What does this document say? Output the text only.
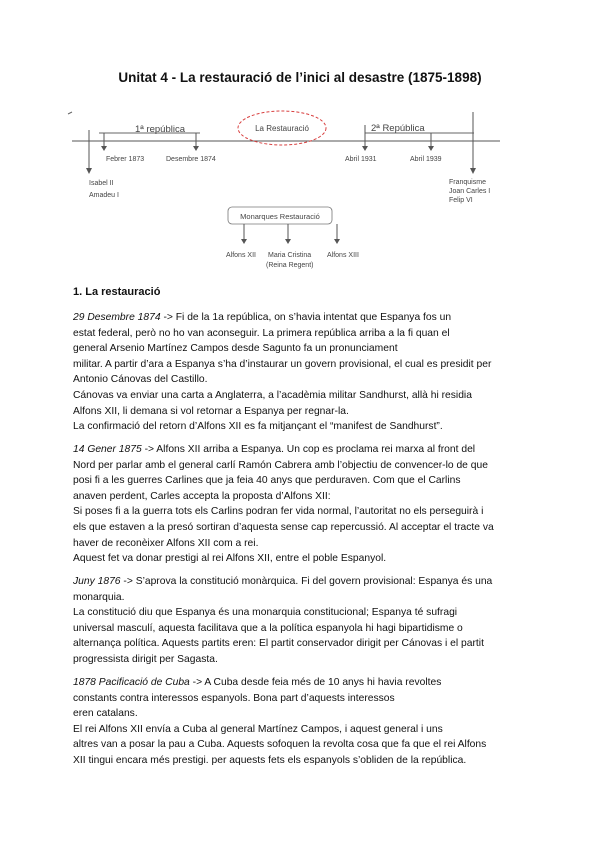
Unitat 4 - La restauració de l’inici al desastre (1875-1898)
1ª república	La Restauració	2ª República
Febrer 1873	Desembre 1874	Abril 1931	Abril 1939
Isabel II
Amadeu I
Franquisme
Joan Carles I
Felip VI
Monarques Restauració
Alfons XII Maria Cristina
(Reina Regent)
Alfons XIII
1. La restauració
29 Desembre 1874 -> Fi de la 1a república, on s’havia intentat que Espanya fos un
estat federal, però no ho van aconseguir. La primera república arriba a la fi quan el
general Arsenio Martínez Campos desde Sagunto fa un pronunciament
militar. A partir d’ara a Espanya s’ha d’instaurar un govern provisional, el cual es presidit per
Antonio Cánovas del Castillo.
Cánovas va enviar una carta a Anglaterra, a l’acadèmia militar Sandhurst, allà hi residia
Alfons XII, li demana si vol retornar a Espanya per regnar-la.
La confirmació del retorn d’Alfons XII es fa mitjançant el “manifest de Sandhurst”.
14 Gener 1875 -> Alfons XII arriba a Espanya. Un cop es proclama rei marxa al front del
Nord per parlar amb el general carlí Ramón Cabrera amb l’objectiu de convencer-lo de que
posi fi a les guerres Carlines que ja feia 40 anys que perduraven. Com que el Carlins
anaven perdent, Carles accepta la proposta d’Alfons XII:
Si poses fi a la guerra tots els Carlins podran fer vida normal, l’autoritat no els perseguirà i
els que estaven a la presó sortiran d’aquesta sense cap repercussió. Al acceptar el tracte va
haver de reconèixer Alfons XII com a rei.
Aquest fet va donar prestigi al rei Alfons XII, entre el poble Espanyol.
Juny 1876 -> S’aprova la constitució monàrquica. Fi del govern provisional: Espanya és una
monarquia.
La constitució diu que Espanya és una monarquia constitucional; Espanya té sufragi
universal masculí, aquesta facilitava que a la política espanyola hi hagi bipartidisme o
alternança política. Aquests partits eren: El partit conservador dirigit per Cánovas i el partit
progressista dirigit per Sagasta.
1878 Pacificació de Cuba -> A Cuba desde feia més de 10 anys hi havia revoltes
constants contra interessos espanyols. Bona part d’aquests interessos
eren catalans.
El rei Alfons XII envía a Cuba al general Martínez Campos, i aquest general i uns
altres van a posar la pau a Cuba. Aquests sofoquen la revolta cosa que fa que el rei Alfons
XII tingui encara més prestigi. per aquests fets els espanyols s’obliden de la república.
